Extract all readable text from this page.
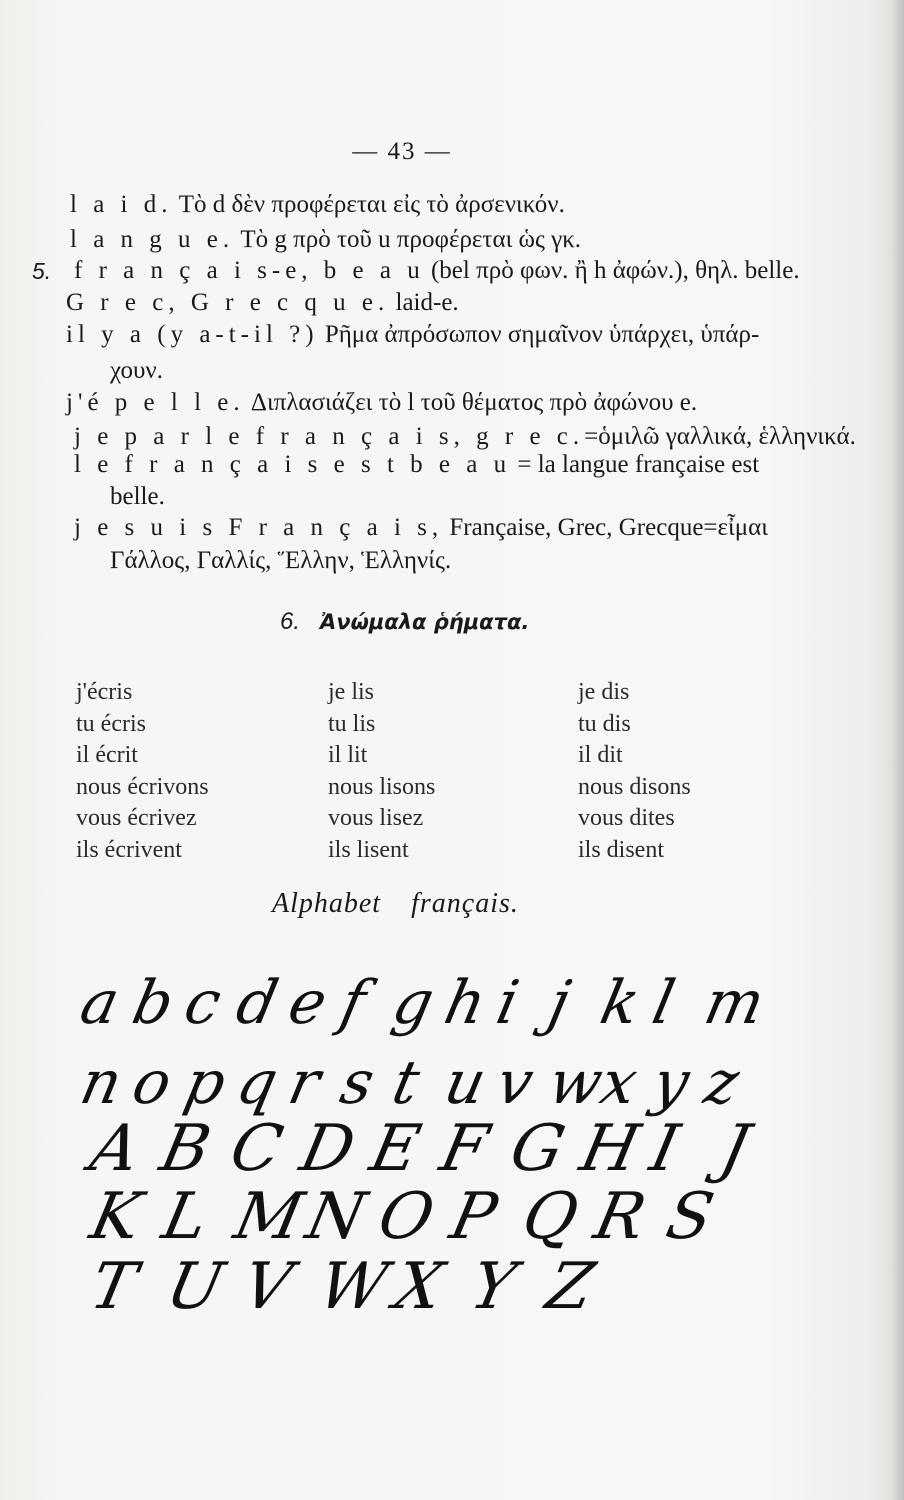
— 43 —
5.
l a i d. Τὸ d δὲν προφέρεται εἰς τὸ ἀρσενικόν.
l a n g u e. Τὸ g πρὸ τοῦ u προφέρεται ὡς γκ.
f r a n ç a i s-e, b e a u (bel πρὸ φων. ἢ h ἀφών.), θηλ. belle.
G r e c, G r e c q u e. laid-e.
il y a (y a-t-il ?) Ρῆμα ἀπρόσωπον σημαῖνον ὑπάρχει, ὑπάρ-
χουν.
j'é p e l l e. Διπλασιάζει τὸ l τοῦ θέματος πρὸ ἀφώνου e.
j e p a r l e f r a n ç a i s, g r e c.=ὁμιλῶ γαλλικά, ἑλληνικά.
l e f r a n ç a i s e s t b e a u = la langue française est
belle.
j e s u i s F r a n ç a i s, Française, Grec, Grecque=εἶμαι
Γάλλος, Γαλλίς, Ἕλλην, Ἑλληνίς.
6. Ἀνώμαλα ῥήματα.
j'écris
tu écris
il écrit
nous écrivons
vous écrivez
ils écrivent
je lis
tu lis
il lit
nous lisons
vous lisez
ils lisent
je dis
tu dis
il dit
nous disons
vous dites
ils disent
Alphabet français.
a b
c d
e f g
h
i j k l m
n
o p
q
r s t u
v w
x y z
A B C D E F G H
I J
K L M
N O P Q R S
T U V W
X Y Z
